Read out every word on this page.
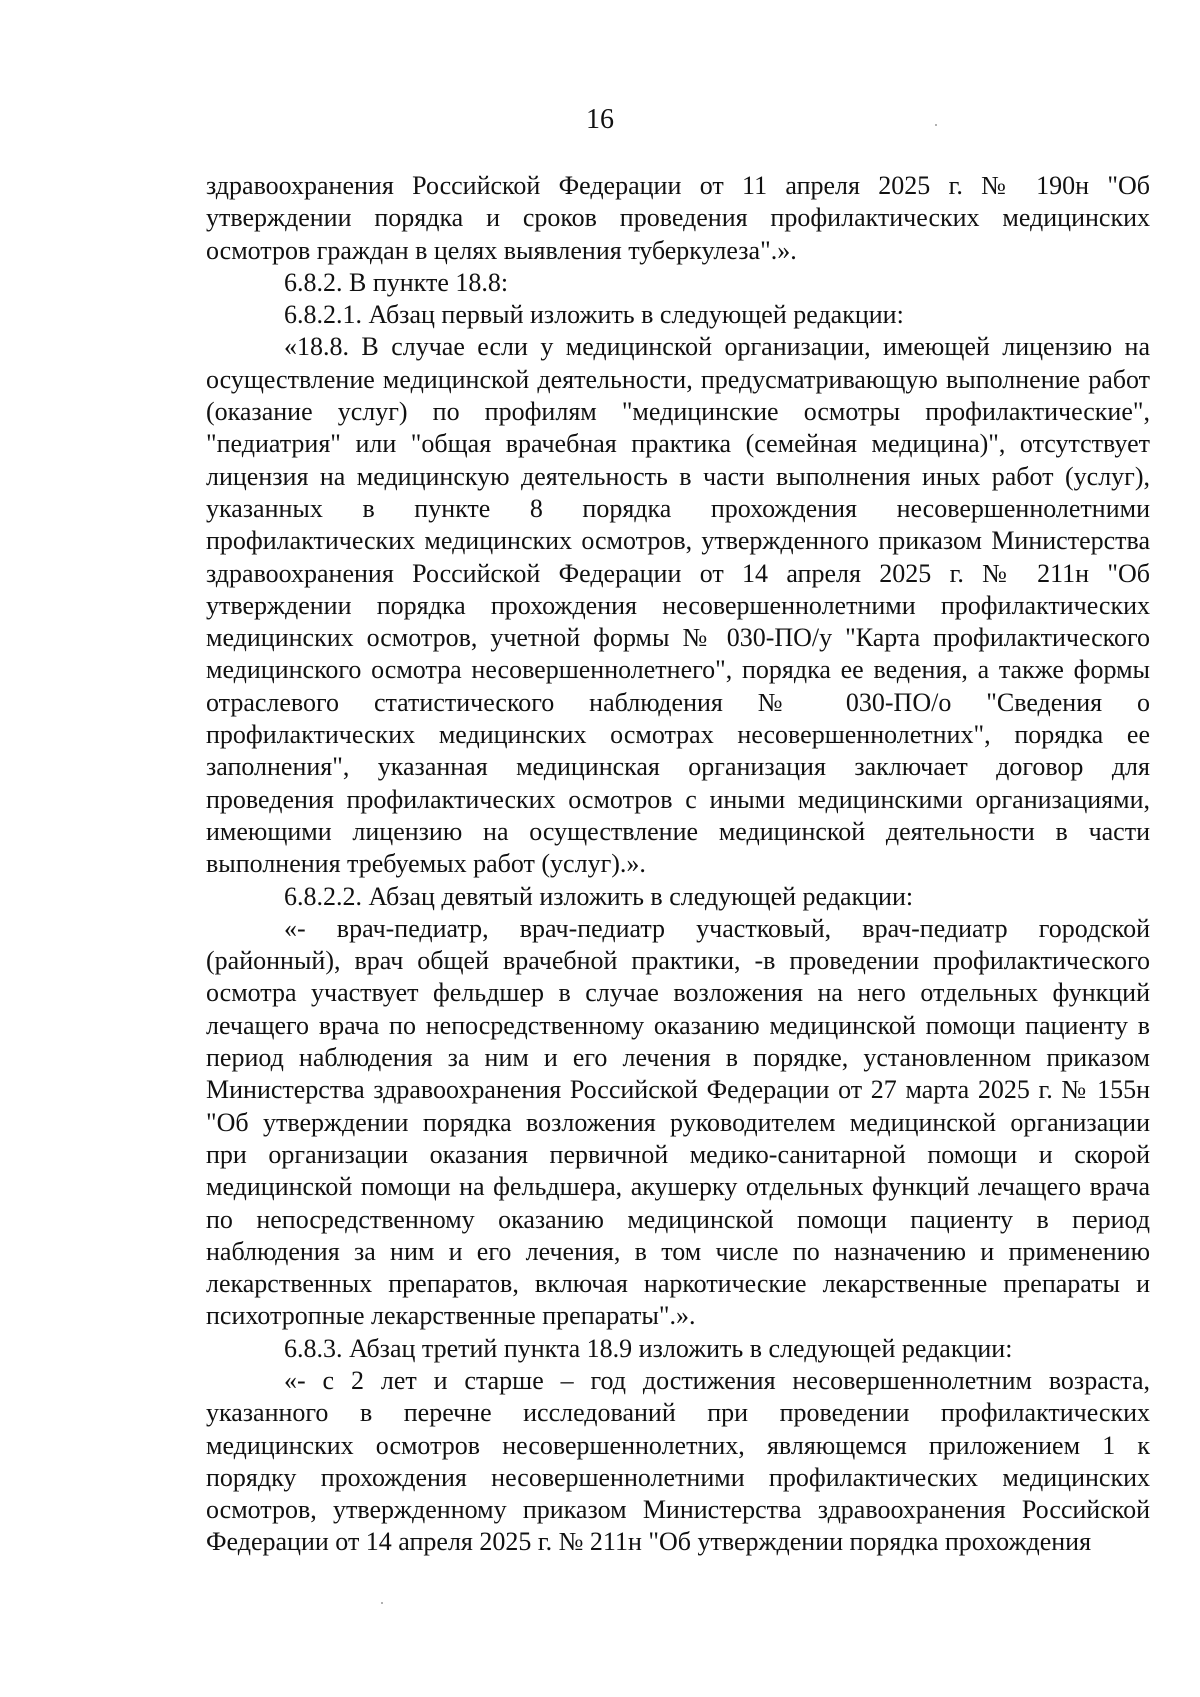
16

здравоохранения Российской Федерации от 11 апреля 2025 г. № 190н "Об утверждении порядка и сроков проведения профилактических медицинских осмотров граждан в целях выявления туберкулеза".».

6.8.2. В пункте 18.8:

6.8.2.1. Абзац первый изложить в следующей редакции:

«18.8. В случае если у медицинской организации, имеющей лицензию на осуществление медицинской деятельности, предусматривающую выполнение работ (оказание услуг) по профилям "медицинские осмотры профилактические", "педиатрия" или "общая врачебная практика (семейная медицина)", отсутствует лицензия на медицинскую деятельность в части выполнения иных работ (услуг), указанных в пункте 8 порядка прохождения несовершеннолетними профилактических медицинских осмотров, утвержденного приказом Министерства здравоохранения Российской Федерации от 14 апреля 2025 г. № 211н "Об утверждении порядка прохождения несовершеннолетними профилактических медицинских осмотров, учетной формы № 030-ПО/у "Карта профилактического медицинского осмотра несовершеннолетнего", порядка ее ведения, а также формы отраслевого статистического наблюдения № 030-ПО/о "Сведения о профилактических медицинских осмотрах несовершеннолетних", порядка ее заполнения", указанная медицинская организация заключает договор для проведения профилактических осмотров с иными медицинскими организациями, имеющими лицензию на осуществление медицинской деятельности в части выполнения требуемых работ (услуг).».

6.8.2.2. Абзац девятый изложить в следующей редакции:

«- врач-педиатр, врач-педиатр участковый, врач-педиатр городской (районный), врач общей врачебной практики, -в проведении профилактического осмотра участвует фельдшер в случае возложения на него отдельных функций лечащего врача по непосредственному оказанию медицинской помощи пациенту в период наблюдения за ним и его лечения в порядке, установленном приказом Министерства здравоохранения Российской Федерации от 27 марта 2025 г. № 155н "Об утверждении порядка возложения руководителем медицинской организации при организации оказания первичной медико-санитарной помощи и скорой медицинской помощи на фельдшера, акушерку отдельных функций лечащего врача по непосредственному оказанию медицинской помощи пациенту в период наблюдения за ним и его лечения, в том числе по назначению и применению лекарственных препаратов, включая наркотические лекарственные препараты и психотропные лекарственные препараты".».

6.8.3. Абзац третий пункта 18.9 изложить в следующей редакции:

«- с 2 лет и старше – год достижения несовершеннолетним возраста, указанного в перечне исследований при проведении профилактических медицинских осмотров несовершеннолетних, являющемся приложением 1 к порядку прохождения несовершеннолетними профилактических медицинских осмотров, утвержденному приказом Министерства здравоохранения Российской Федерации от 14 апреля 2025 г. № 211н "Об утверждении порядка прохождения
